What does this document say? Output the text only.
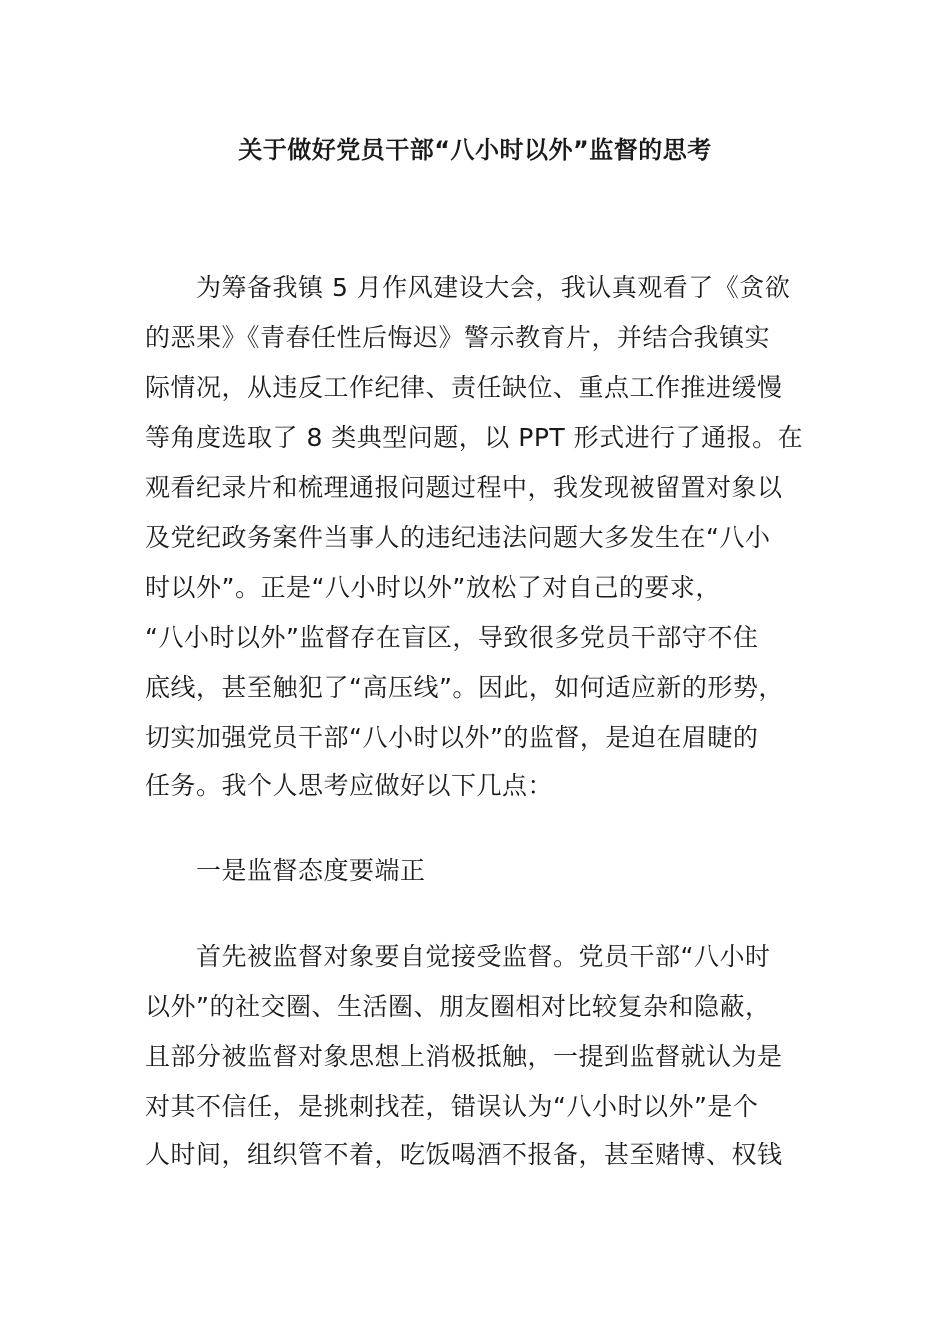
关于做好党员干部“八小时以外”监督的思考
为筹备我镇 5 月作风建设大会，我认真观看了《贪欲
的恶果》《青春任性后悔迟》警示教育片，并结合我镇实
际情况，从违反工作纪律、责任缺位、重点工作推进缓慢
等角度选取了 8 类典型问题，以 PPT 形式进行了通报。在
观看纪录片和梳理通报问题过程中，我发现被留置对象以
及党纪政务案件当事人的违纪违法问题大多发生在“八小
时以外”。正是“八小时以外”放松了对自己的要求，
“八小时以外”监督存在盲区，导致很多党员干部守不住
底线，甚至触犯了“高压线”。因此，如何适应新的形势，
切实加强党员干部“八小时以外”的监督，是迫在眉睫的
任务。我个人思考应做好以下几点：
一是监督态度要端正
首先被监督对象要自觉接受监督。党员干部“八小时
以外”的社交圈、生活圈、朋友圈相对比较复杂和隐蔽，
且部分被监督对象思想上消极抵触，一提到监督就认为是
对其不信任，是挑刺找茬，错误认为“八小时以外”是个
人时间，组织管不着，吃饭喝酒不报备，甚至赌博、权钱
